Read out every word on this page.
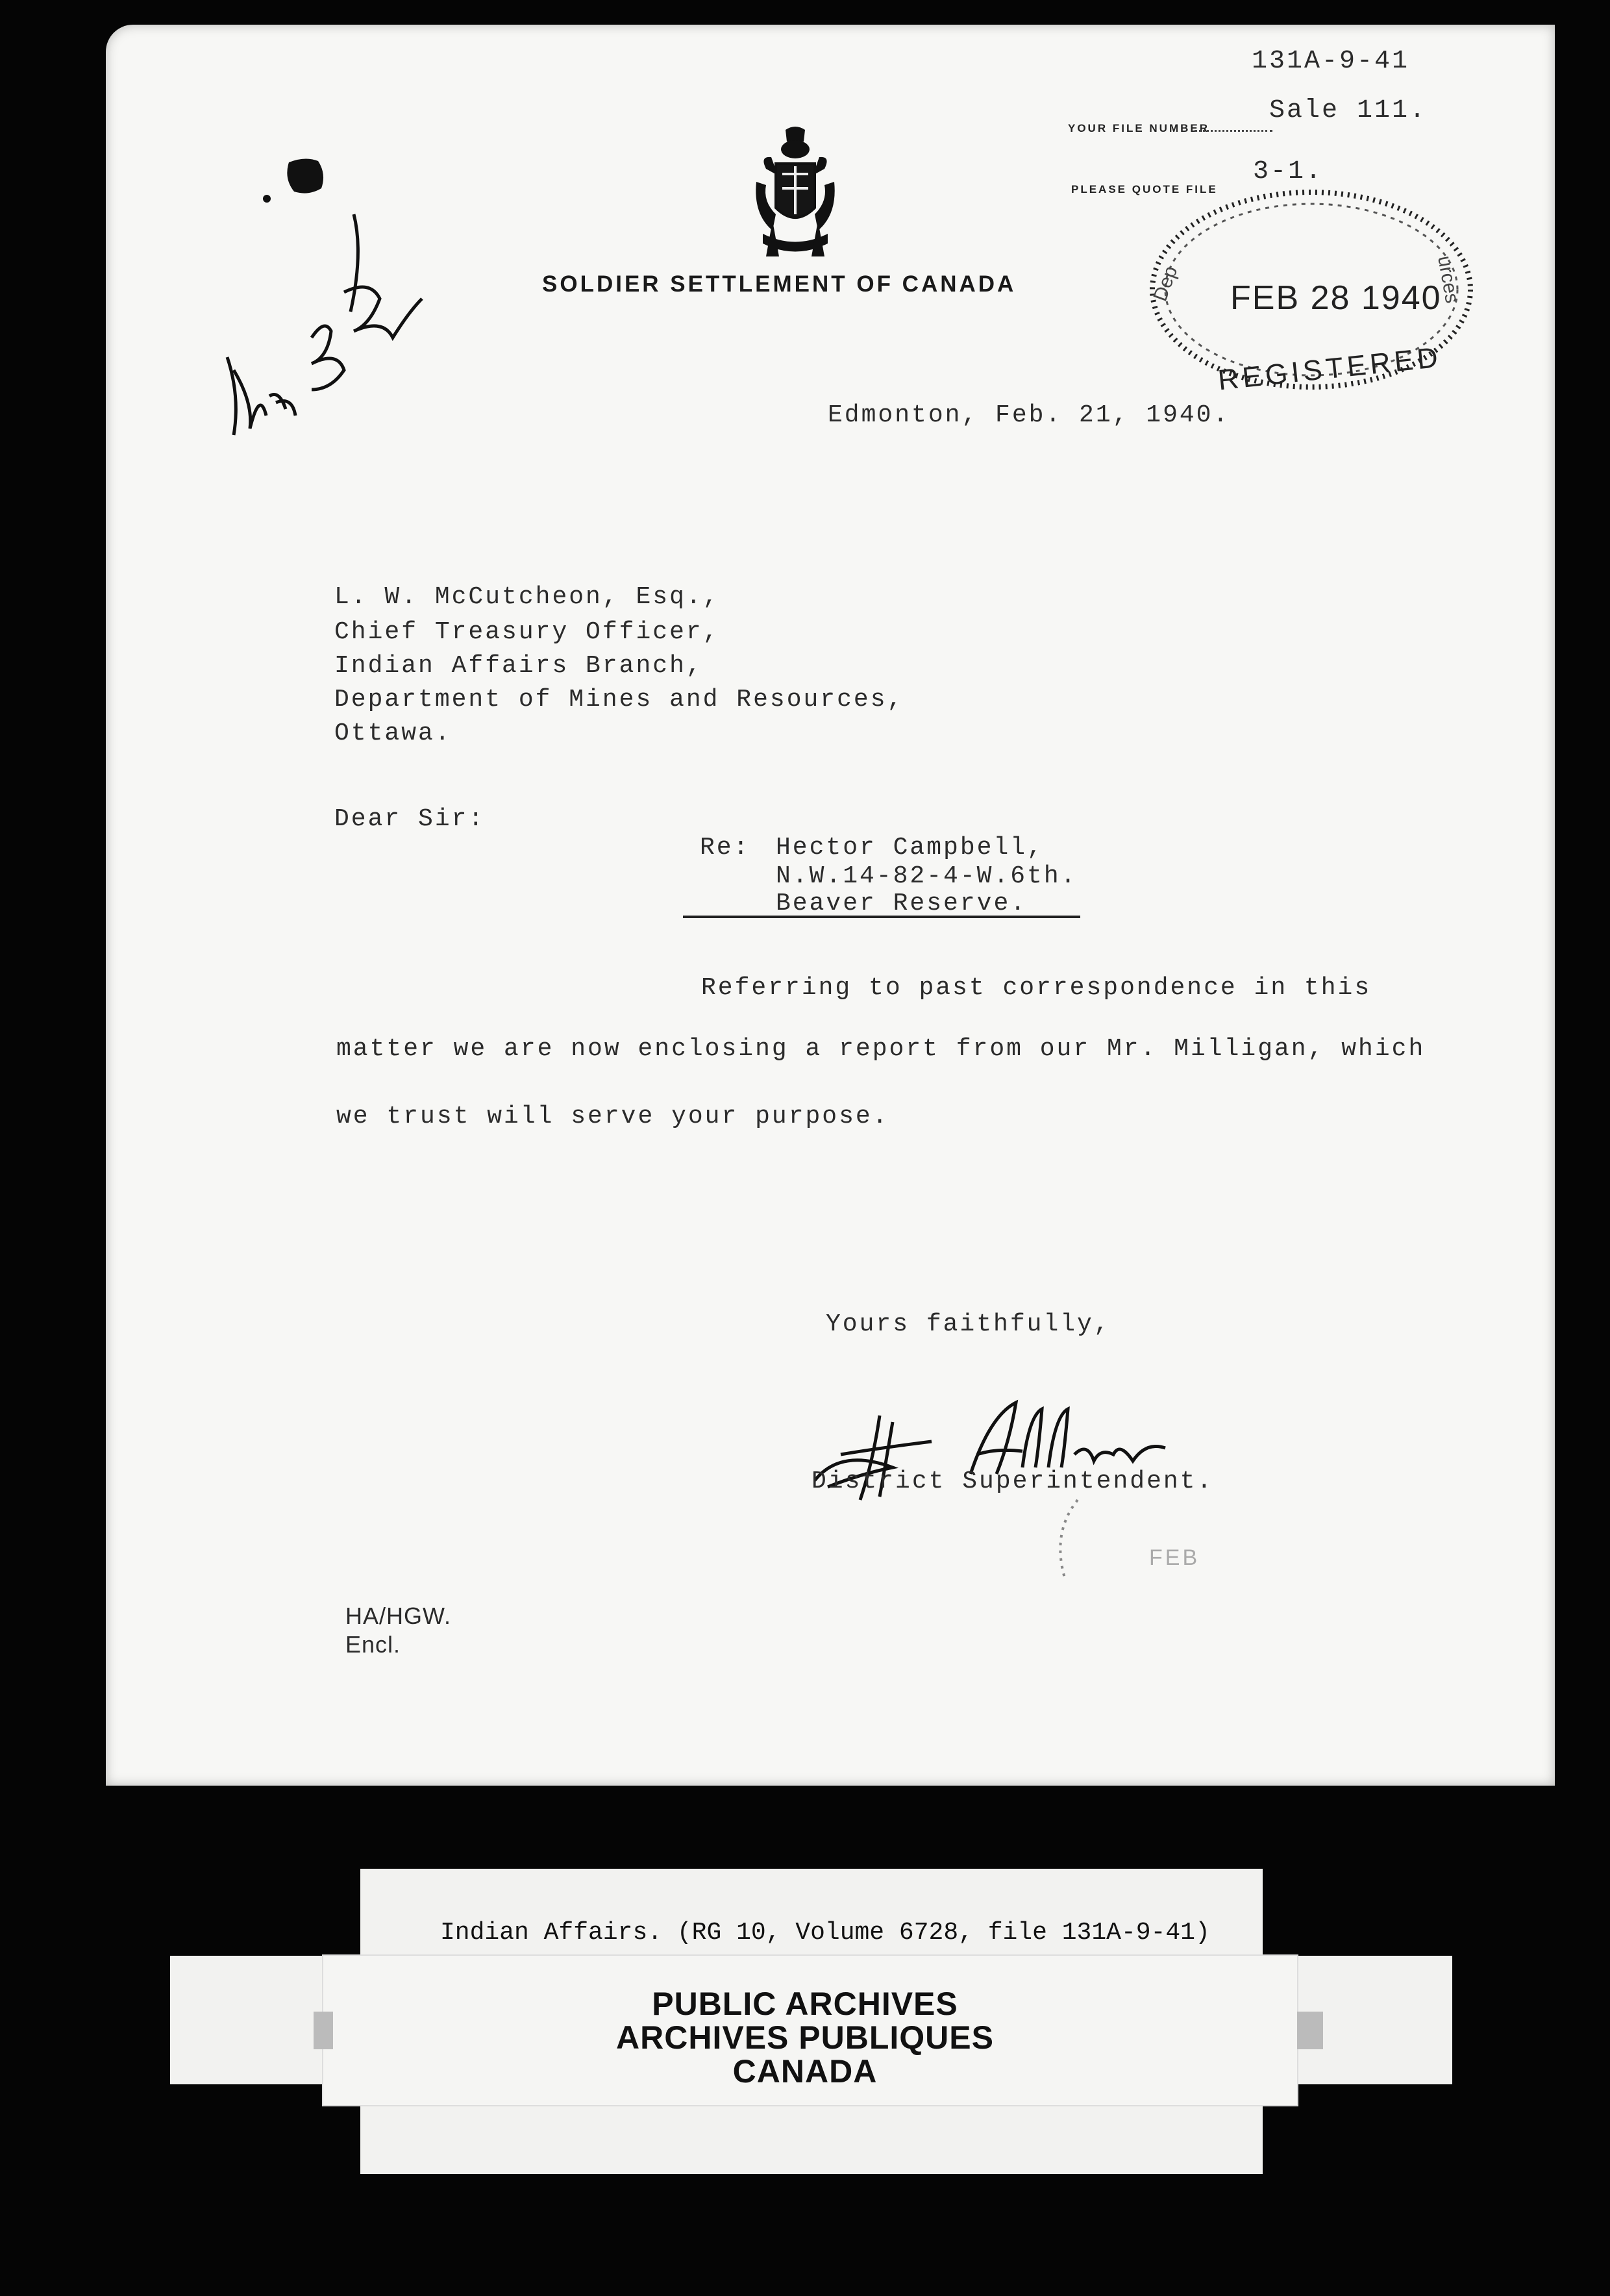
131A-9-41
YOUR FILE NUMBER
Sale 111.
PLEASE QUOTE FILE
3-1.
SOLDIER SETTLEMENT OF CANADA	Dep	urces
FEB 28 1940
REGISTERED
Edmonton, Feb. 21, 1940.
L. W. McCutcheon, Esq.,
Chief Treasury Officer,
Indian Affairs Branch,
Department of Mines and Resources,
Ottawa.
Dear Sir:
Re: Hector Campbell,
N.W.14-82-4-W.6th.
Beaver Reserve.
Referring to past correspondence in this
matter we are now enclosing a report from our Mr. Milligan, which
we trust will serve your purpose.
Yours faithfully,
District Superintendent.
FEB
HA/HGW.
Encl.
Indian Affairs. (RG 10, Volume 6728, file 131A-9-41)
PUBLIC ARCHIVES
ARCHIVES PUBLIQUES
CANADA
